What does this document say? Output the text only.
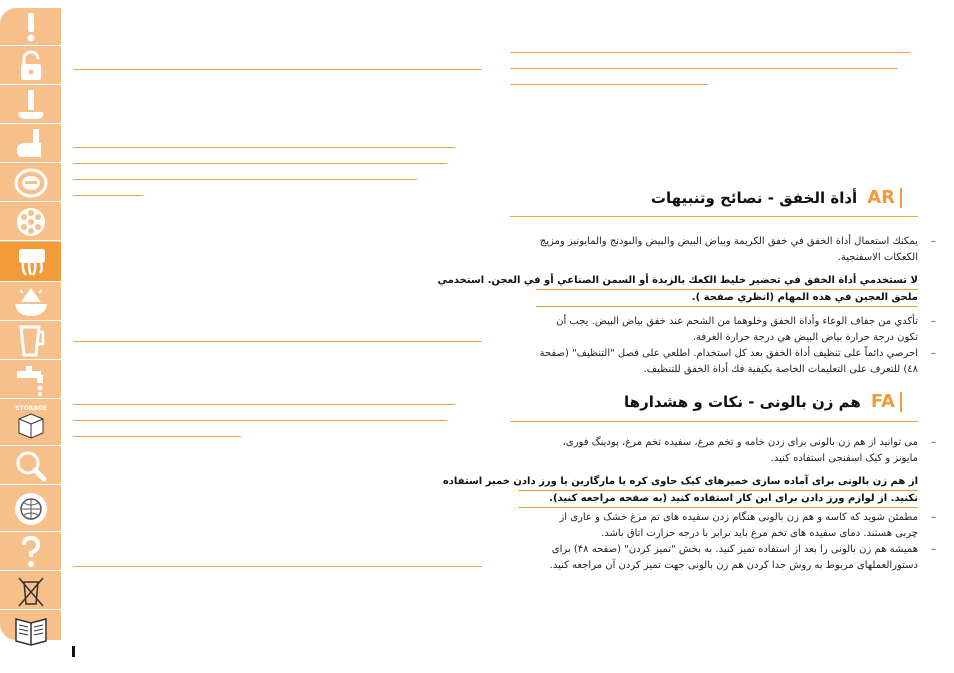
STORAGE
AR
أداة الخفق - نصائح وتنبيهات
–
يمكنك استعمال أداة الخفق في خفق الكريمة وبياض البيض والبيض والبودنج والمايونيز ومزيج الكعكات الاسفنجية.
لا تستخدمي أداة الخفق في تحضير خليط الكعك بالزبدة أو السمن الصناعي أو في العجن. استخدمي
ملحق العجين في هذه المهام (انظري صفحة ).
–
تأكدي من جفاف الوعاء وأداة الخفق وخلوهما من الشحم عند خفق بياض البيض. يجب أن تكون درجة حرارة بياض البيض هي درجة حرارة الغرفة.
–
احرصي دائماً على تنظيف أداة الخفق بعد كل استخدام. اطلعي على فصل "التنظيف" (صفحة ٤٨) للتعرف على التعليمات الخاصة بكيفية فك أداة الخفق للتنظيف.
FA
هم زن بالونی - نکات و هشدارها
–
می توانید از هم زن بالونی برای زدن خامه و تخم مرغ، سفیده تخم مرغ، پودینگ فوری، مایونز و کیک اسفنجی استفاده کنید.
از هم زن بالونی برای آماده سازی خمیرهای کیک حاوی کره یا مارگارین یا ورز دادن خمیر استفاده
نکنید. از لوازم ورز دادن برای این کار استفاده کنید (به صفحه مراجعه کنید).
–
مطمئن شوید که کاسه و هم زن بالونی هنگام زدن سفیده های تم مرغ خشک و عاری از چربی هستند. دمای سفیده های تخم مرغ باید برابر با درجه حرارت اتاق باشد.
–
همیشه هم زن بالونی را بعد از استفاده تمیز کنید. به بخش "تمیز کردن" (صفحه ۴۸) برای دستورالعملهای مربوط به روش جدا کردن هم زن بالونی جهت تمیز کردن آن مراجعه کنید.
